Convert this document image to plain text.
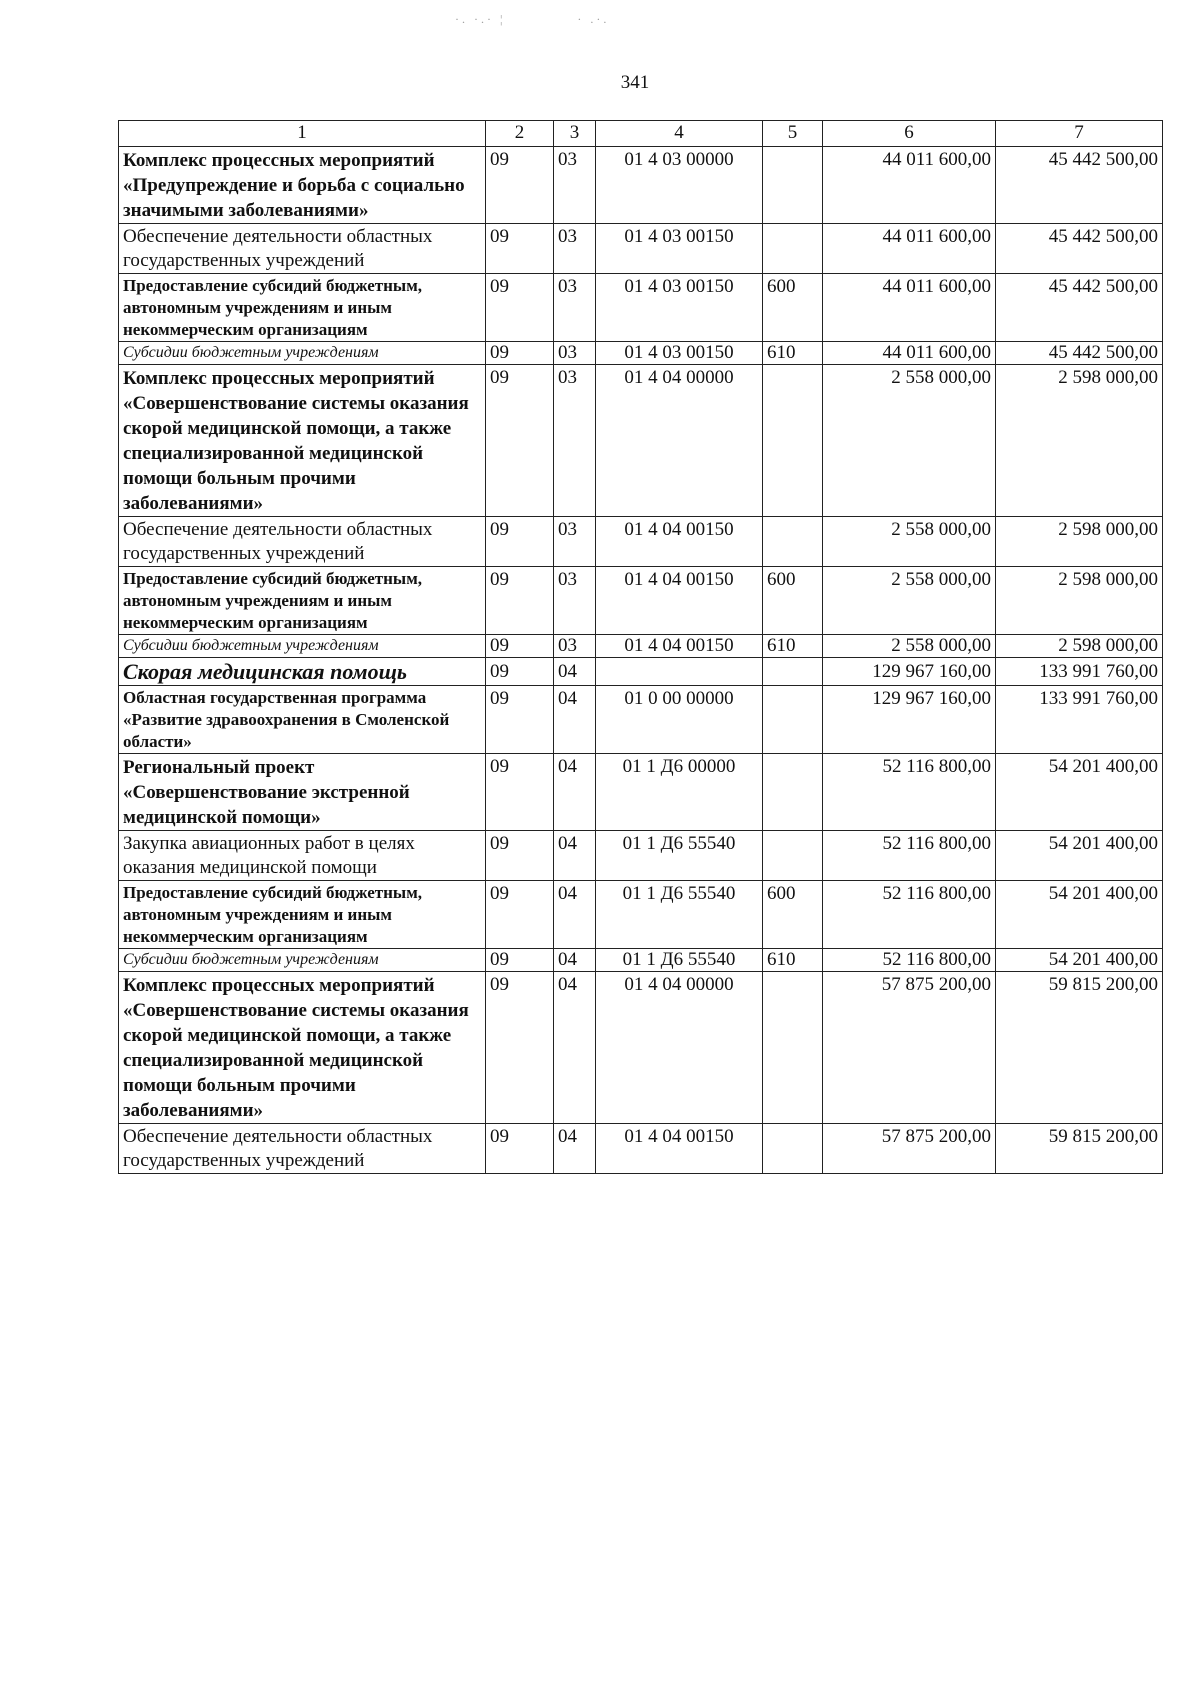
·. ·.· ¦            · .·.
341
1	2	3	4	5	6	7
Комплекс процессных мероприятий «Предупреждение и борьба с социально значимыми заболеваниями»	09	03	01 4 03 00000		44 011 600,00	45 442 500,00
Обеспечение деятельности областных государственных учреждений	09	03	01 4 03 00150		44 011 600,00	45 442 500,00
Предоставление субсидий бюджетным, автономным учреждениям и иным некоммерческим организациям	09	03	01 4 03 00150	600	44 011 600,00	45 442 500,00
Субсидии бюджетным учреждениям	09	03	01 4 03 00150	610	44 011 600,00	45 442 500,00
Комплекс процессных мероприятий «Совершенствование системы оказания скорой медицинской помощи, а также специализированной медицинской помощи больным прочими заболеваниями»	09	03	01 4 04 00000		2 558 000,00	2 598 000,00
Обеспечение деятельности областных государственных учреждений	09	03	01 4 04 00150		2 558 000,00	2 598 000,00
Предоставление субсидий бюджетным, автономным учреждениям и иным некоммерческим организациям	09	03	01 4 04 00150	600	2 558 000,00	2 598 000,00
Субсидии бюджетным учреждениям	09	03	01 4 04 00150	610	2 558 000,00	2 598 000,00
Скорая медицинская помощь	09	04			129 967 160,00	133 991 760,00
Областная государственная программа «Развитие здравоохранения в Смоленской области»	09	04	01 0 00 00000		129 967 160,00	133 991 760,00
Региональный проект «Совершенствование экстренной медицинской помощи»	09	04	01 1 Д6 00000		52 116 800,00	54 201 400,00
Закупка авиационных работ в целях оказания медицинской помощи	09	04	01 1 Д6 55540		52 116 800,00	54 201 400,00
Предоставление субсидий бюджетным, автономным учреждениям и иным некоммерческим организациям	09	04	01 1 Д6 55540	600	52 116 800,00	54 201 400,00
Субсидии бюджетным учреждениям	09	04	01 1 Д6 55540	610	52 116 800,00	54 201 400,00
Комплекс процессных мероприятий «Совершенствование системы оказания скорой медицинской помощи, а также специализированной медицинской помощи больным прочими заболеваниями»	09	04	01 4 04 00000		57 875 200,00	59 815 200,00
Обеспечение деятельности областных государственных учреждений	09	04	01 4 04 00150		57 875 200,00	59 815 200,00
